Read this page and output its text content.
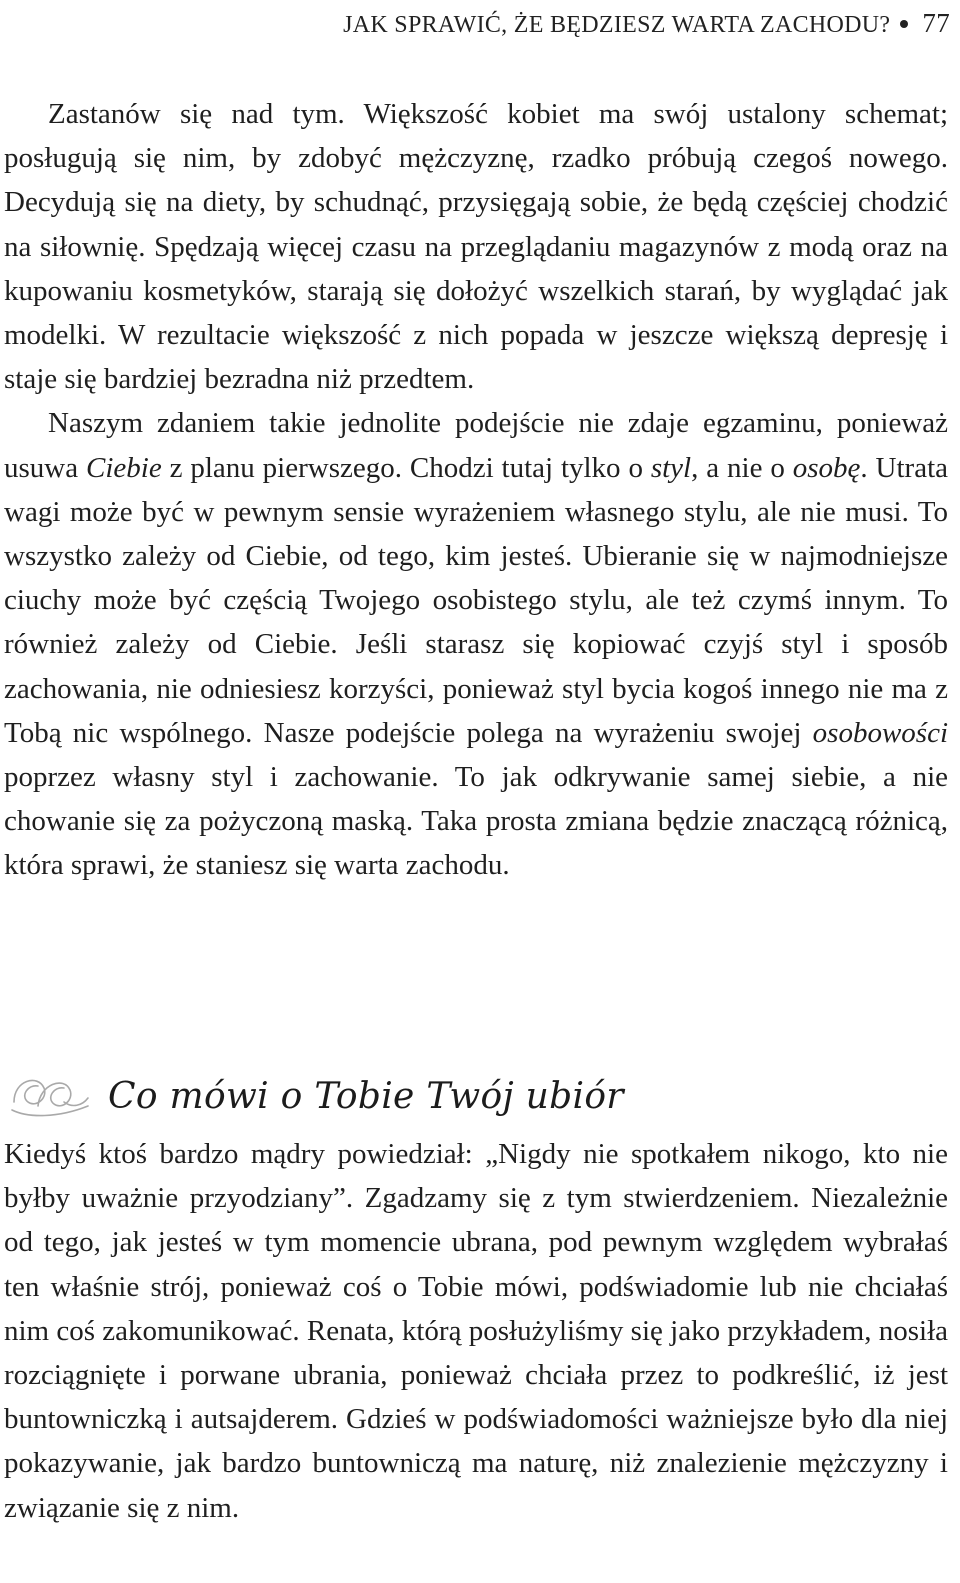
JAK SPRAWIĆ, ŻE BĘDZIESZ WARTA ZACHODU? 77

Zastanów się nad tym. Większość kobiet ma swój ustalony schemat; posługują się nim, by zdobyć mężczyznę, rzadko próbują czegoś nowego. Decydują się na diety, by schudnąć, przysięgają sobie, że będą częściej chodzić na siłownię. Spędzają więcej czasu na przeglądaniu magazynów z modą oraz na kupowaniu kosmetyków, starają się dołożyć wszelkich starań, by wyglądać jak modelki. W rezultacie większość z nich popada w jeszcze większą depresję i staje się bardziej bezradna niż przedtem.

Naszym zdaniem takie jednolite podejście nie zdaje egzaminu, ponieważ usuwa Ciebie z planu pierwszego. Chodzi tutaj tylko o styl, a nie o osobę. Utrata wagi może być w pewnym sensie wyrażeniem własnego stylu, ale nie musi. To wszystko zależy od Ciebie, od tego, kim jesteś. Ubieranie się w najmodniejsze ciuchy może być częścią Twojego osobistego stylu, ale też czymś innym. To również zależy od Ciebie. Jeśli starasz się kopiować czyjś styl i sposób zachowania, nie odniesiesz korzyści, ponieważ styl bycia kogoś innego nie ma z Tobą nic wspólnego. Nasze podejście polega na wyrażeniu swojej osobowości poprzez własny styl i zachowanie. To jak odkrywanie samej siebie, a nie chowanie się za pożyczoną maską. Taka prosta zmiana będzie znaczącą różnicą, która sprawi, że staniesz się warta zachodu.

Co mówi o Tobie Twój ubiór

Kiedyś ktoś bardzo mądry powiedział: „Nigdy nie spotkałem nikogo, kto nie byłby uważnie przyodziany”. Zgadzamy się z tym stwierdzeniem. Niezależnie od tego, jak jesteś w tym momencie ubrana, pod pewnym względem wybrałaś ten właśnie strój, ponieważ coś o Tobie mówi, podświadomie lub nie chciałaś nim coś zakomunikować. Renata, którą posłużyliśmy się jako przykładem, nosiła rozciągnięte i porwane ubrania, ponieważ chciała przez to podkreślić, iż jest buntowniczką i autsajderem. Gdzieś w podświadomości ważniejsze było dla niej pokazywanie, jak bardzo buntowniczą ma naturę, niż znalezienie mężczyzny i związanie się z nim.
